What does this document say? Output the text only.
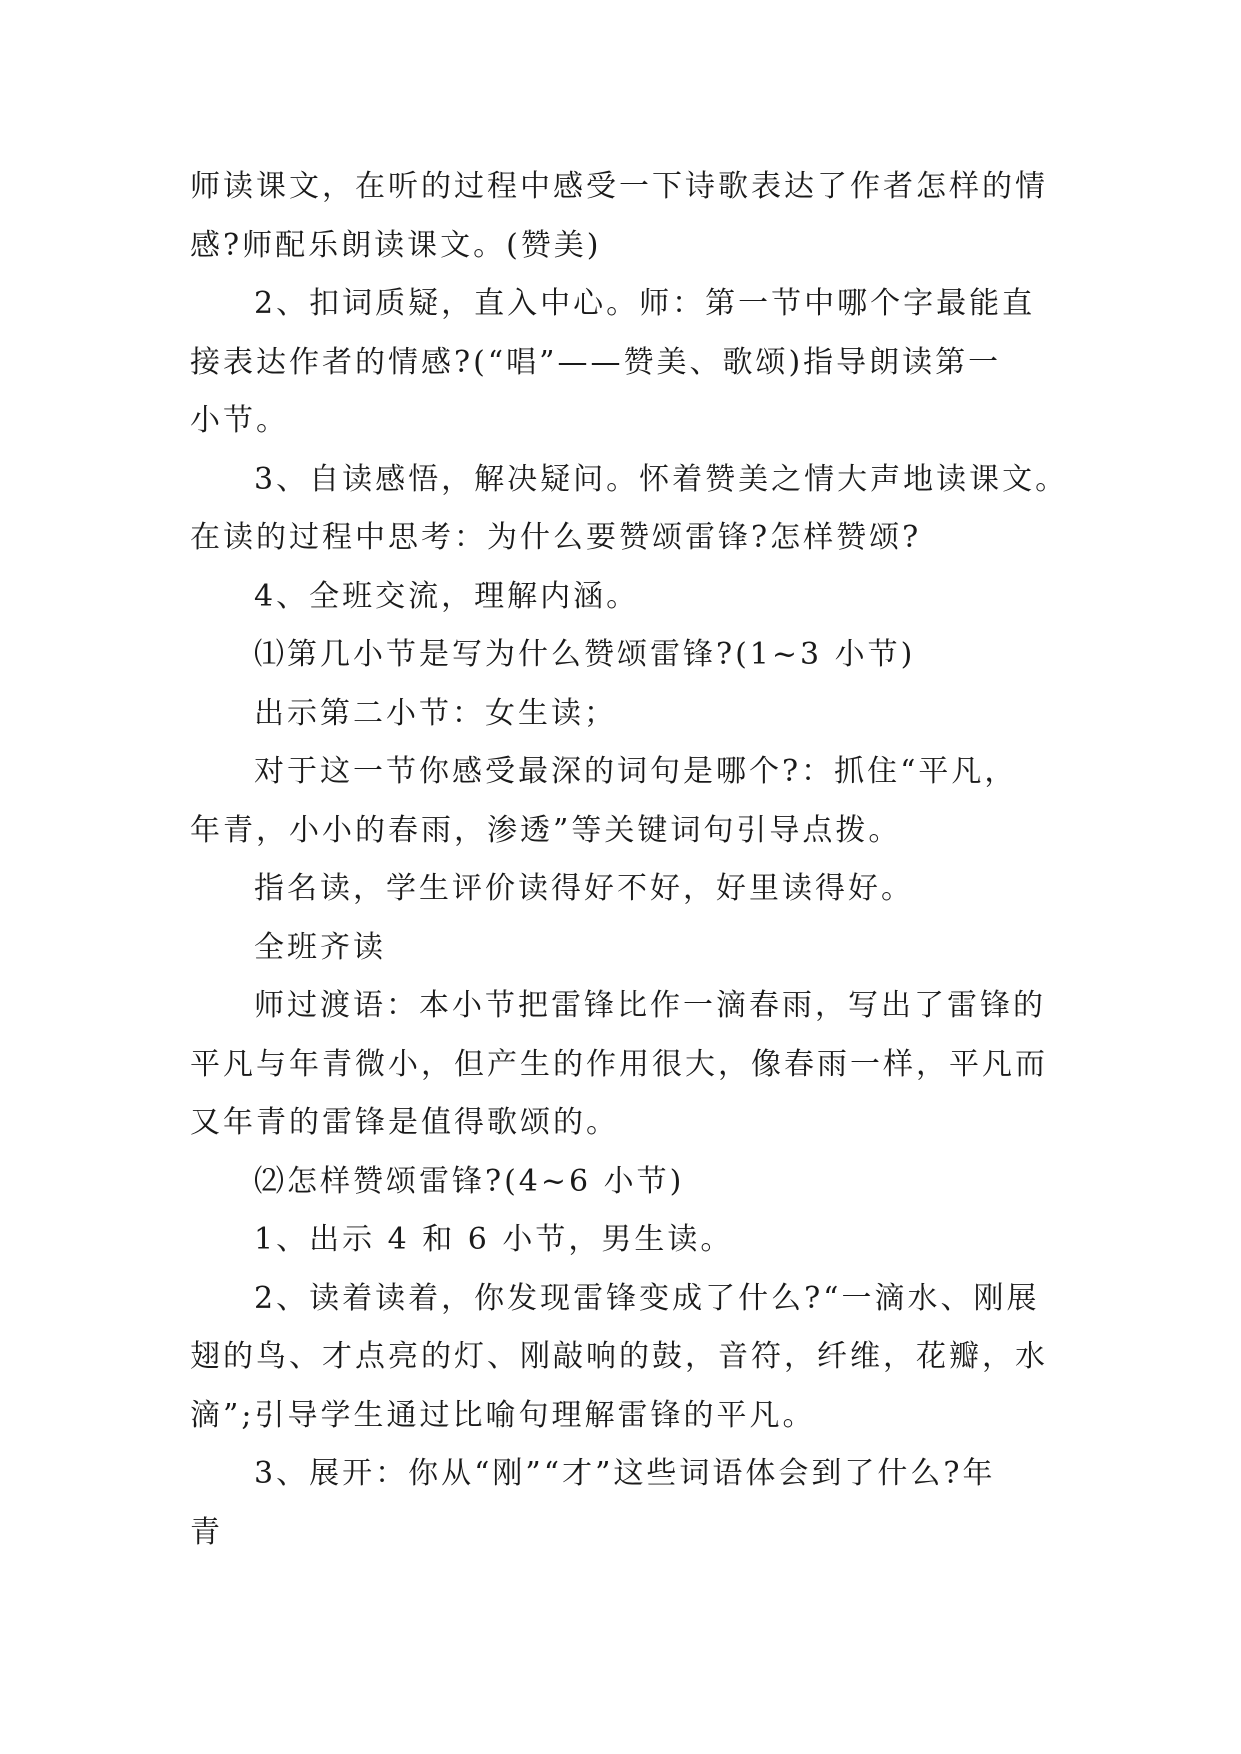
师读课文，在听的过程中感受一下诗歌表达了作者怎样的情
感?师配乐朗读课文。(赞美)

2、扣词质疑，直入中心。师：第一节中哪个字最能直
接表达作者的情感?(“唱”——赞美、歌颂)指导朗读第一
小节。

3、自读感悟，解决疑问。怀着赞美之情大声地读课文。
在读的过程中思考：为什么要赞颂雷锋?怎样赞颂?

4、全班交流，理解内涵。

⑴第几小节是写为什么赞颂雷锋?(1~3 小节)

出示第二小节：女生读；

对于这一节你感受最深的词句是哪个?：抓住“平凡，
年青，小小的春雨，渗透”等关键词句引导点拨。

指名读，学生评价读得好不好，好里读得好。

全班齐读

师过渡语：本小节把雷锋比作一滴春雨，写出了雷锋的
平凡与年青微小，但产生的作用很大，像春雨一样，平凡而
又年青的雷锋是值得歌颂的。

⑵怎样赞颂雷锋?(4~6 小节)

1、出示 4 和 6 小节，男生读。

2、读着读着，你发现雷锋变成了什么?“一滴水、刚展
翅的鸟、才点亮的灯、刚敲响的鼓，音符，纤维，花瓣，水
滴”;引导学生通过比喻句理解雷锋的平凡。

3、展开：你从“刚”“才”这些词语体会到了什么?年
青
